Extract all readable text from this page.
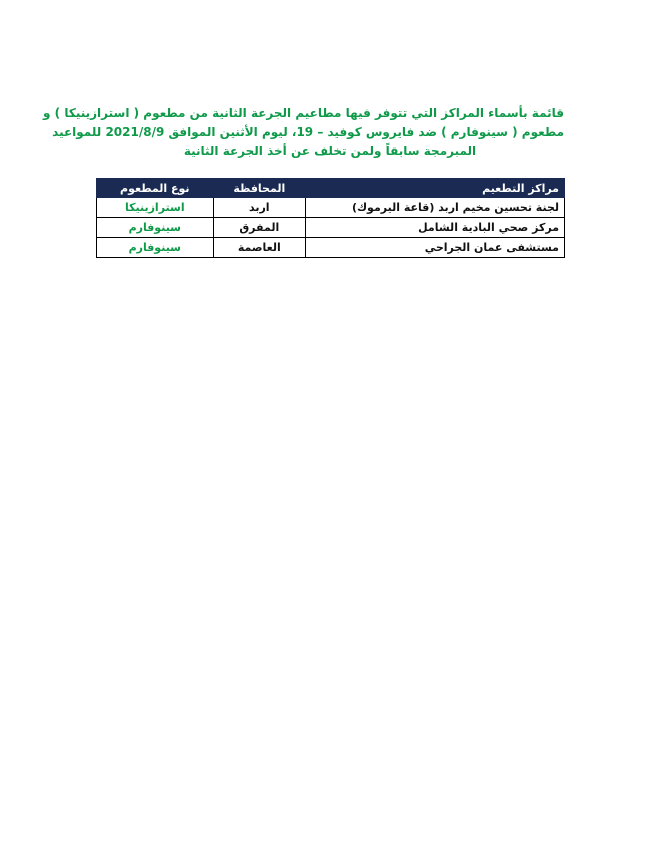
قائمة بأسماء المراكز التي تتوفر فيها مطاعيم الجرعة الثانية من مطعوم ( استرازينيكا ) و
مطعوم ( سينوفارم ) ضد فايروس كوفيد – 19، ليوم الأثنين الموافق 2021/8/9 للمواعيد
المبرمجة سابقاً ولمن تخلف عن أخذ الجرعة الثانية
مراكز التطعيم	المحافظة	نوع المطعوم
لجنة تحسين مخيم اربد (قاعة اليرموك)	اربد	استرازينيكا
مركز صحي البادية الشامل	المفرق	سينوفارم
مستشفى عمان الجراحي	العاصمة	سينوفارم
